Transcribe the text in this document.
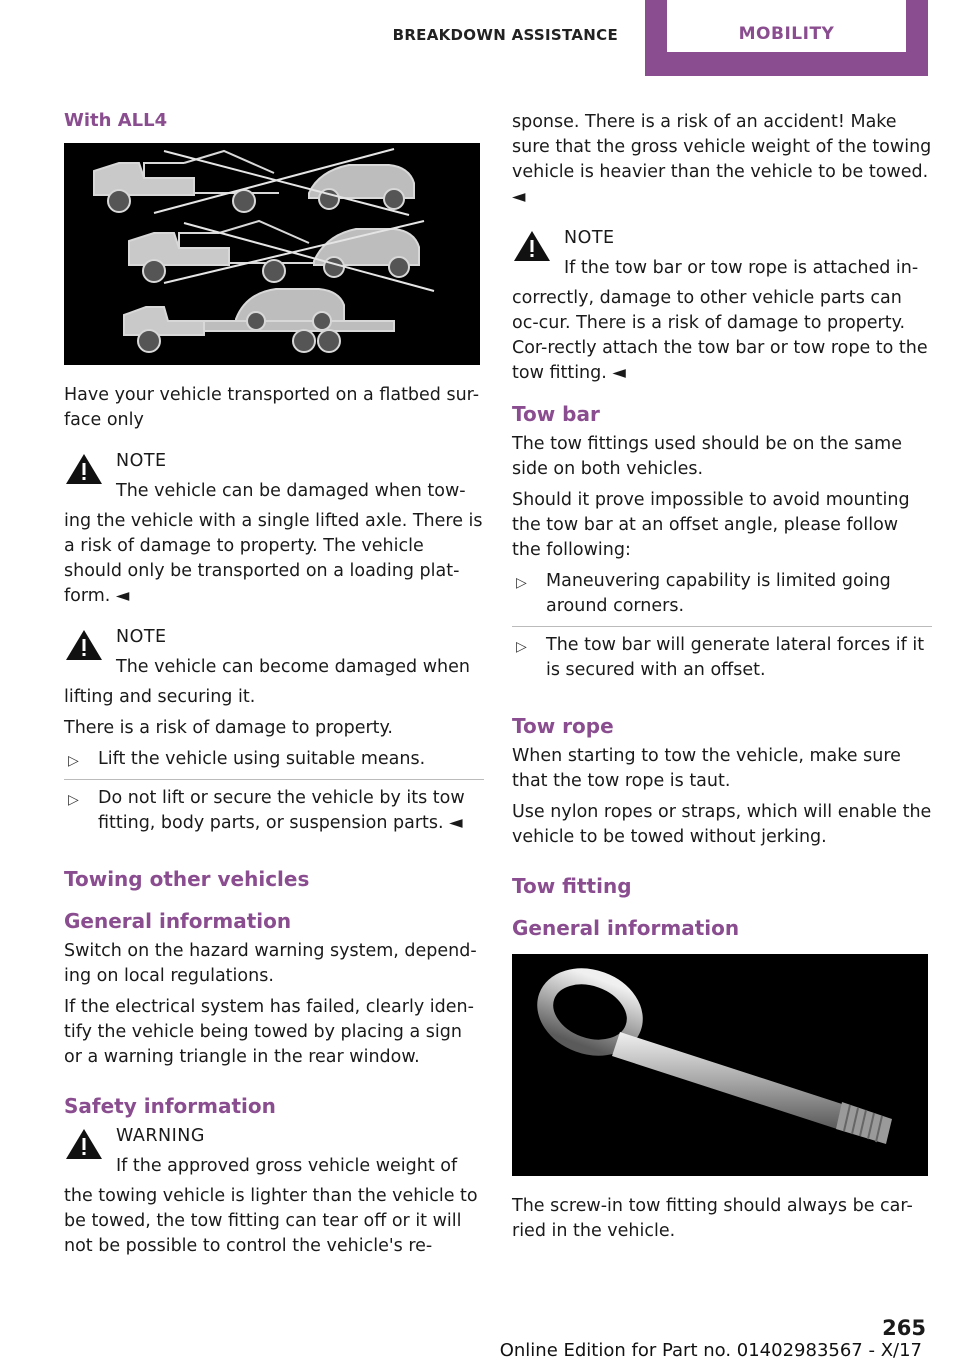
BREAKDOWN ASSISTANCE	MOBILITY
With ALL4

Have your vehicle transported on a flatbed sur-face only

NOTE
The vehicle can be damaged when tow-
ing the vehicle with a single lifted axle. There is a risk of damage to property. The vehicle should only be transported on a loading plat-form. ◄
NOTE
The vehicle can become damaged when
lifting and securing it.

There is a risk of damage to property.

▷ Lift the vehicle using suitable means.
▷ Do not lift or secure the vehicle by its tow fitting, body parts, or suspension parts. ◄
Towing other vehicles
General information

Switch on the hazard warning system, depend-ing on local regulations.

If the electrical system has failed, clearly iden-tify the vehicle being towed by placing a sign or a warning triangle in the rear window.

Safety information
WARNING
If the approved gross vehicle weight of
the towing vehicle is lighter than the vehicle to be towed, the tow fitting can tear off or it will not be possible to control the vehicle's re-

sponse. There is a risk of an accident! Make sure that the gross vehicle weight of the towing vehicle is heavier than the vehicle to be towed. ◄

NOTE
If the tow bar or tow rope is attached in-
correctly, damage to other vehicle parts can oc-cur. There is a risk of damage to property. Cor-rectly attach the tow bar or tow rope to the tow fitting. ◄
Tow bar

The tow fittings used should be on the same side on both vehicles.

Should it prove impossible to avoid mounting the tow bar at an offset angle, please follow the following:

▷ Maneuvering capability is limited going around corners.
▷ The tow bar will generate lateral forces if it is secured with an offset.
Tow rope

When starting to tow the vehicle, make sure that the tow rope is taut.

Use nylon ropes or straps, which will enable the vehicle to be towed without jerking.

Tow fitting
General information

The screw-in tow fitting should always be car-ried in the vehicle.

265
Online Edition for Part no. 01402983567 - X/17
